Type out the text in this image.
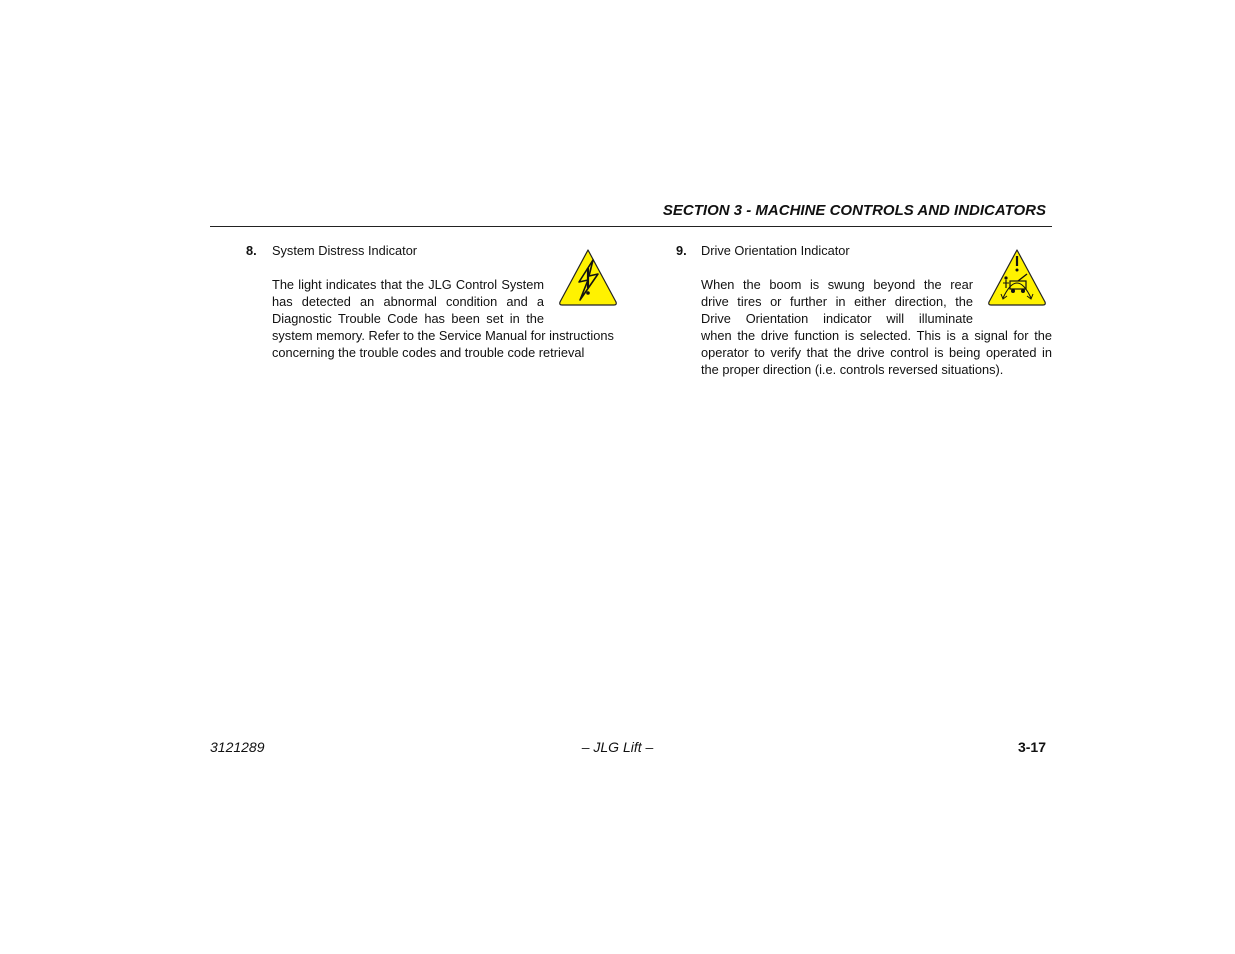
SECTION 3 - MACHINE CONTROLS AND INDICATORS
8. System Distress Indicator

The light indicates that the JLG Control System

has detected an abnormal condition and a

Diagnostic Trouble Code has been set in the

system memory. Refer to the Service Manual for instructions

concerning the trouble codes and trouble code retrieval

9. Drive Orientation Indicator

When the boom is swung beyond the rear

drive tires or further in either direction, the

Drive Orientation indicator will illuminate

when the drive function is selected. This is a signal for the

operator to verify that the drive control is being operated in

the proper direction (i.e. controls reversed situations).

3121289	– JLG Lift –	3-17
